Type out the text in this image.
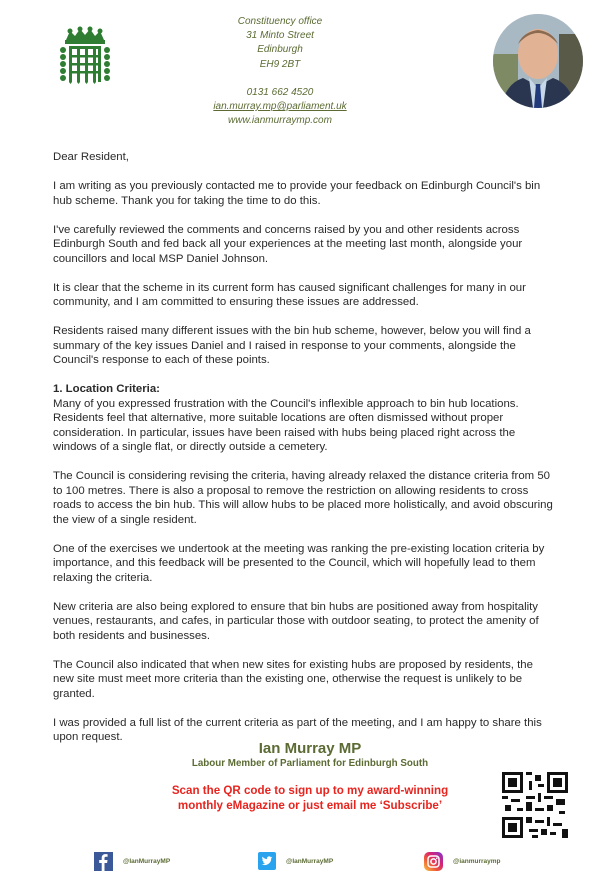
Constituency office
31 Minto Street
Edinburgh
EH9 2BT
0131 662 4520
ian.murray.mp@parliament.uk
www.ianmurraymp.com

Dear Resident,

I am writing as you previously contacted me to provide your feedback on Edinburgh Council's bin hub scheme. Thank you for taking the time to do this.

I've carefully reviewed the comments and concerns raised by you and other residents across Edinburgh South and fed back all your experiences at the meeting last month, alongside your councillors and local MSP Daniel Johnson.

It is clear that the scheme in its current form has caused significant challenges for many in our community, and I am committed to ensuring these issues are addressed.

Residents raised many different issues with the bin hub scheme, however, below you will find a summary of the key issues Daniel and I raised in response to your comments, alongside the Council's response to each of these points.

1. Location Criteria:

Many of you expressed frustration with the Council's inflexible approach to bin hub locations. Residents feel that alternative, more suitable locations are often dismissed without proper consideration. In particular, issues have been raised with hubs being placed right across the windows of a single flat, or directly outside a cemetery.

The Council is considering revising the criteria, having already relaxed the distance criteria from 50 to 100 metres. There is also a proposal to remove the restriction on allowing residents to cross roads to access the bin hub. This will allow hubs to be placed more holistically, and avoid obscuring the view of a single resident.

One of the exercises we undertook at the meeting was ranking the pre-existing location criteria by importance, and this feedback will be presented to the Council, which will hopefully lead to them relaxing the criteria.

New criteria are also being explored to ensure that bin hubs are positioned away from hospitality venues, restaurants, and cafes, in particular those with outdoor seating, to protect the amenity of both residents and businesses.

The Council also indicated that when new sites for existing hubs are proposed by residents, the new site must meet more criteria than the existing one, otherwise the request is unlikely to be granted.

I was provided a full list of the current criteria as part of the meeting, and I am happy to share this upon request.

Ian Murray MP
Labour Member of Parliament for Edinburgh South
Scan the QR code to sign up to my award-winning
monthly eMagazine or just email me ‘Subscribe’
@IanMurrayMP	@IanMurrayMP	@ianmurraymp
